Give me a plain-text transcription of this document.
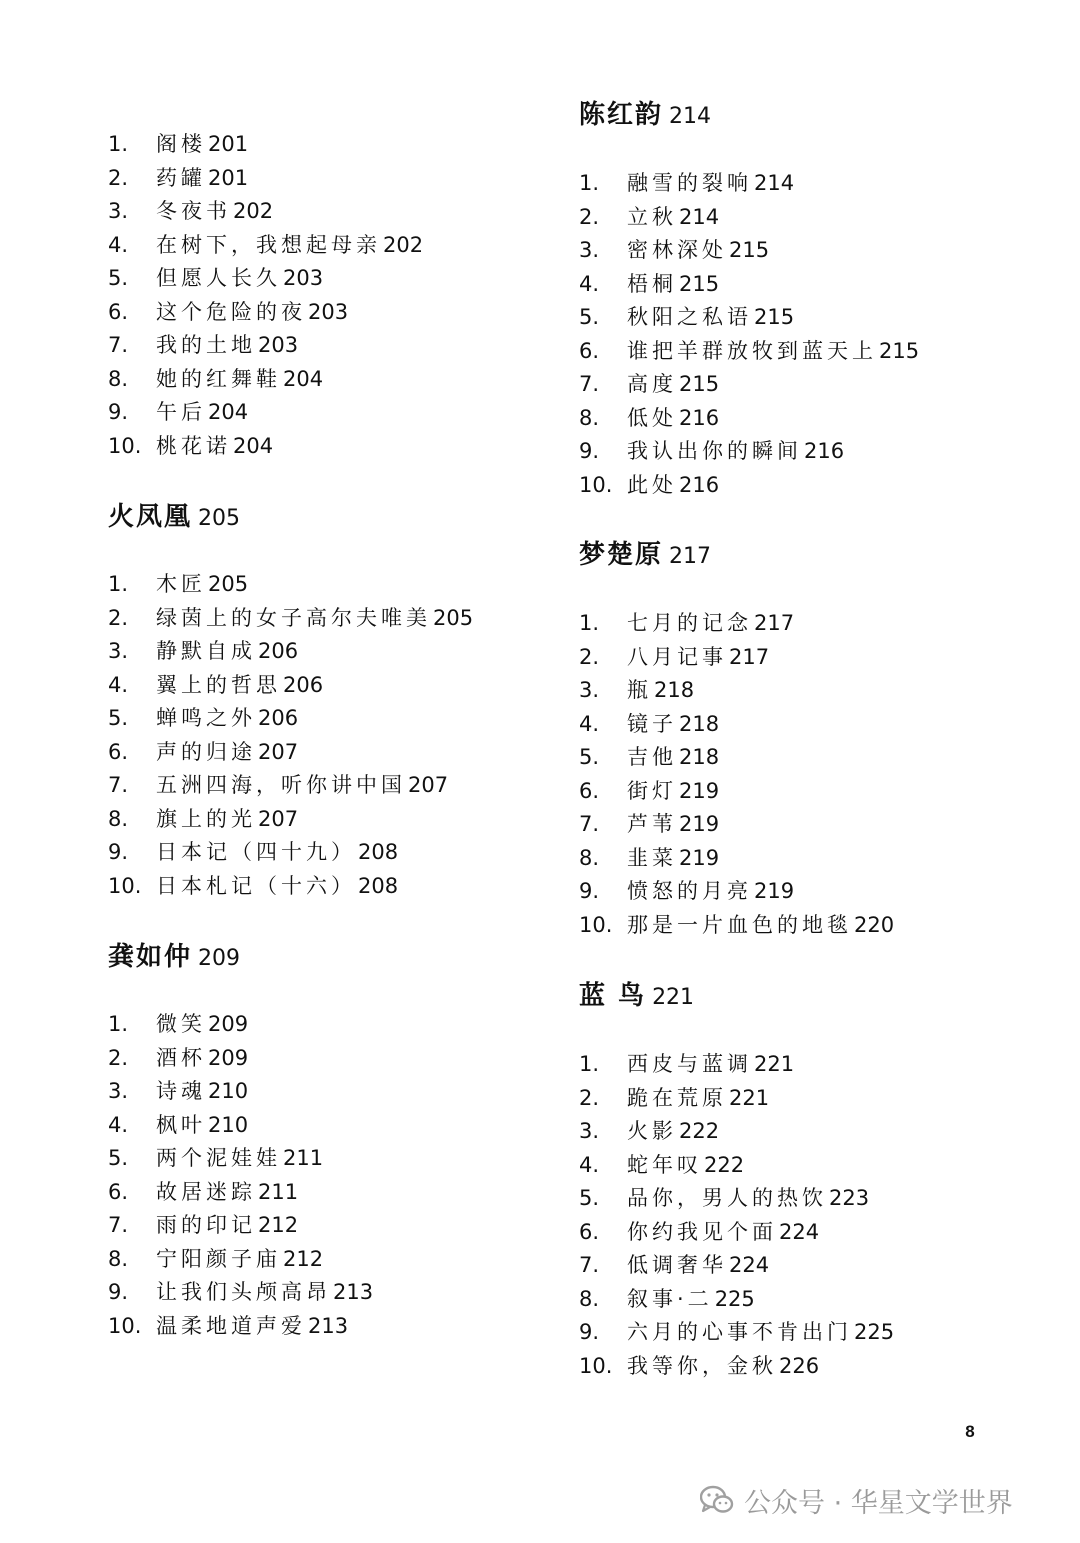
1.	阁楼 201
2.	药罐 201
3.	冬夜书 202
4.	在树下，我想起母亲 202
5.	但愿人长久 203
6.	这个危险的夜 203
7.	我的土地 203
8.	她的红舞鞋 204
9.	午后 204
10. 桃花诺 204
火凤凰 205
1.	木匠 205
2.	绿茵上的女子高尔夫唯美 205
3.	静默自成 206
4.	翼上的哲思 206
5.	蝉鸣之外 206
6.	声的归途 207
7.	五洲四海，听你讲中国 207
8.	旗上的光 207
9.	日本记（四十九） 208
10. 日本札记（十六） 208
龚如仲 209
1.	微笑 209
2.	酒杯 209
3.	诗魂 210
4.	枫叶 210
5.	两个泥娃娃 211
6.	故居迷踪 211
7.	雨的印记 212
8.	宁阳颜子庙 212
9.	让我们头颅高昂 213
10. 温柔地道声爱 213
陈红韵 214
1.	融雪的裂响 214
2.	立秋 214
3.	密林深处 215
4.	梧桐 215
5.	秋阳之私语 215
6.	谁把羊群放牧到蓝天上 215
7.	高度 215
8.	低处 216
9.	我认出你的瞬间 216
10. 此处 216
梦楚原 217
1.	七月的记念 217
2.	八月记事 217
3.	瓶 218
4.	镜子 218
5.	吉他 218
6.	街灯 219
7.	芦苇 219
8.	韭菜 219
9.	愤怒的月亮 219
10. 那是一片血色的地毯 220
蓝 鸟 221
1.	西皮与蓝调 221
2.	跪在荒原 221
3.	火影 222
4.	蛇年叹 222
5.	品你，男人的热饮 223
6.	你约我见个面 224
7.	低调奢华 224
8.	叙事·二 225
9.	六月的心事不肯出门 225
10. 我等你，金秋 226
8
公众号 · 华星文学世界
